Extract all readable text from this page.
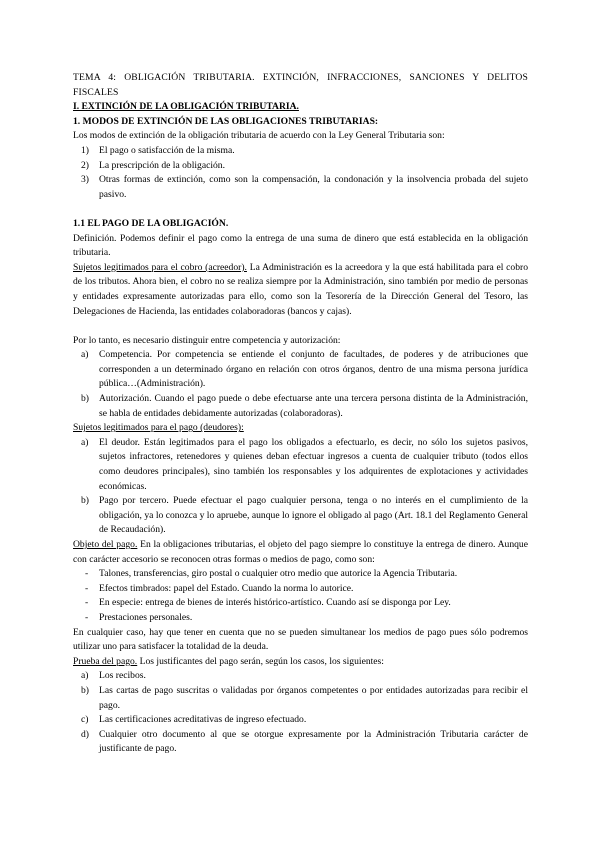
TEMA 4: OBLIGACIÓN TRIBUTARIA. EXTINCIÓN, INFRACCIONES, SANCIONES Y DELITOS FISCALES

I. EXTINCIÓN DE LA OBLIGACIÓN TRIBUTARIA.

1. MODOS DE EXTINCIÓN DE LAS OBLIGACIONES TRIBUTARIAS:

Los modos de extinción de la obligación tributaria de acuerdo con la Ley General Tributaria son:

1) El pago o satisfacción de la misma.
2) La prescripción de la obligación.
3) Otras formas de extinción, como son la compensación, la condonación y la insolvencia probada del sujeto pasivo.

1.1 EL PAGO DE LA OBLIGACIÓN.

Definición. Podemos definir el pago como la entrega de una suma de dinero que está establecida en la obligación tributaria.

Sujetos legitimados para el cobro (acreedor). La Administración es la acreedora y la que está habilitada para el cobro de los tributos. Ahora bien, el cobro no se realiza siempre por la Administración, sino también por medio de personas y entidades expresamente autorizadas para ello, como son la Tesorería de la Dirección General del Tesoro, las Delegaciones de Hacienda, las entidades colaboradoras (bancos y cajas).

Por lo tanto, es necesario distinguir entre competencia y autorización:

a) Competencia. Por competencia se entiende el conjunto de facultades, de poderes y de atribuciones que corresponden a un determinado órgano en relación con otros órganos, dentro de una misma persona jurídica pública…(Administración).
b) Autorización. Cuando el pago puede o debe efectuarse ante una tercera persona distinta de la Administración, se habla de entidades debidamente autorizadas (colaboradoras).

Sujetos legitimados para el pago (deudores):

a) El deudor. Están legitimados para el pago los obligados a efectuarlo, es decir, no sólo los sujetos pasivos, sujetos infractores, retenedores y quienes deban efectuar ingresos a cuenta de cualquier tributo (todos ellos como deudores principales), sino también los responsables y los adquirentes de explotaciones y actividades económicas.
b) Pago por tercero. Puede efectuar el pago cualquier persona, tenga o no interés en el cumplimiento de la obligación, ya lo conozca y lo apruebe, aunque lo ignore el obligado al pago (Art. 18.1 del Reglamento General de Recaudación).

Objeto del pago. En la obligaciones tributarias, el objeto del pago siempre lo constituye la entrega de dinero. Aunque con carácter accesorio se reconocen otras formas o medios de pago, como son:

- Talones, transferencias, giro postal o cualquier otro medio que autorice la Agencia Tributaria.
- Efectos timbrados: papel del Estado. Cuando la norma lo autorice.
- En especie: entrega de bienes de interés histórico-artístico. Cuando así se disponga por Ley.
- Prestaciones personales.

En cualquier caso, hay que tener en cuenta que no se pueden simultanear los medios de pago pues sólo podremos utilizar uno para satisfacer la totalidad de la deuda.

Prueba del pago. Los justificantes del pago serán, según los casos, los siguientes:

a) Los recibos.
b) Las cartas de pago suscritas o validadas por órganos competentes o por entidades autorizadas para recibir el pago.
c) Las certificaciones acreditativas de ingreso efectuado.
d) Cualquier otro documento al que se otorgue expresamente por la Administración Tributaria carácter de justificante de pago.
